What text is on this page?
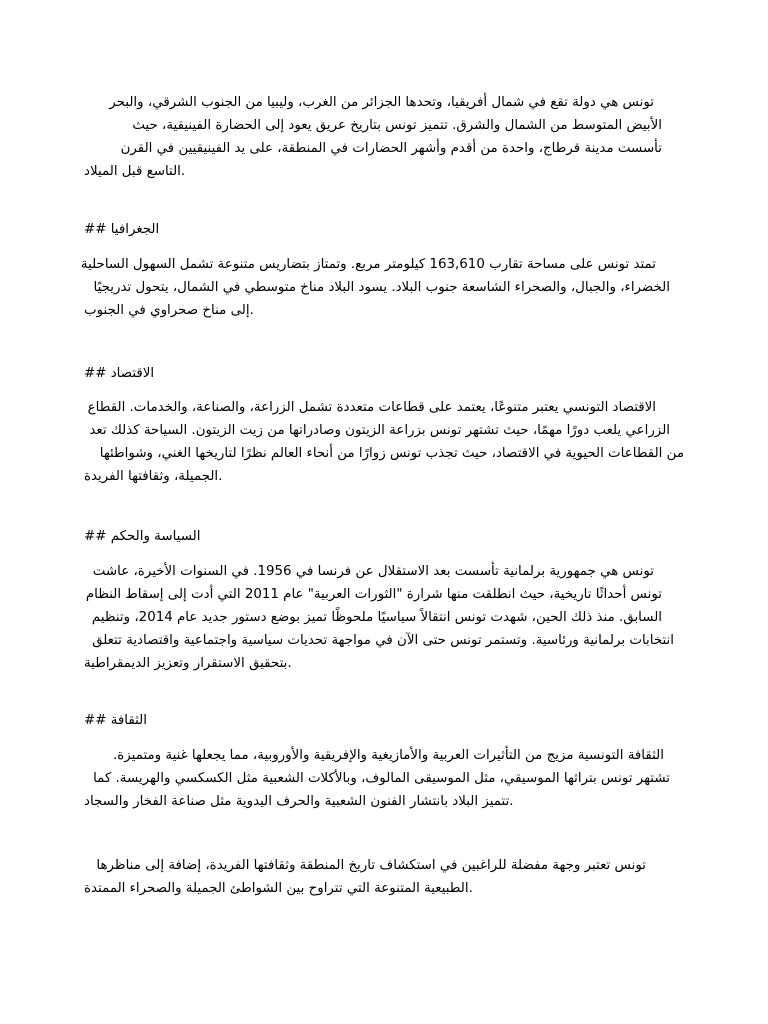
تونس هي دولة تقع في شمال أفريقيا، وتحدها الجزائر من الغرب، وليبيا من الجنوب الشرقي، والبحر
الأبيض المتوسط من الشمال والشرق. تتميز تونس بتاريخ عريق يعود إلى الحضارة الفينيقية، حيث
تأسست مدينة قرطاج، واحدة من أقدم وأشهر الحضارات في المنطقة، على يد الفينيقيين في القرن
.التاسع قبل الميلاد
## الجغرافيا
تمتد تونس على مساحة تقارب 163,610 كيلومتر مربع. وتمتاز بتضاريس متنوعة تشمل السهول الساحلية
الخضراء، والجبال، والصحراء الشاسعة جنوب البلاد. يسود البلاد مناخ متوسطي في الشمال، يتحول تدريجيًا
.إلى مناخ صحراوي في الجنوب
## الاقتصاد
الاقتصاد التونسي يعتبر متنوعًا، يعتمد على قطاعات متعددة تشمل الزراعة، والصناعة، والخدمات. القطاع
الزراعي يلعب دورًا مهمًا، حيث تشتهر تونس بزراعة الزيتون وصادراتها من زيت الزيتون. السياحة كذلك تعد
من القطاعات الحيوية في الاقتصاد، حيث تجذب تونس زوارًا من أنحاء العالم نظرًا لتاريخها الغني، وشواطئها
.الجميلة، وثقافتها الفريدة
## السياسة والحكم
تونس هي جمهورية برلمانية تأسست بعد الاستقلال عن فرنسا في 1956. في السنوات الأخيرة، عاشت
تونس أحداثًا تاريخية، حيث انطلقت منها شرارة "الثورات العربية" عام 2011 التي أدت إلى إسقاط النظام
السابق. منذ ذلك الحين، شهدت تونس انتقالاً سياسيًا ملحوظًا تميز بوضع دستور جديد عام 2014، وتنظيم
انتخابات برلمانية ورئاسية. وتستمر تونس حتى الآن في مواجهة تحديات سياسية واجتماعية واقتصادية تتعلق
.بتحقيق الاستقرار وتعزيز الديمقراطية
## الثقافة
الثقافة التونسية مزيج من التأثيرات العربية والأمازيغية والإفريقية والأوروبية، مما يجعلها غنية ومتميزة.
تشتهر تونس بتراثها الموسيقي، مثل الموسيقى المالوف، وبالأكلات الشعبية مثل الكسكسي والهريسة. كما
.تتميز البلاد بانتشار الفنون الشعبية والحرف اليدوية مثل صناعة الفخار والسجاد
تونس تعتبر وجهة مفضلة للراغبين في استكشاف تاريخ المنطقة وثقافتها الفريدة، إضافة إلى مناظرها
.الطبيعية المتنوعة التي تتراوح بين الشواطئ الجميلة والصحراء الممتدة
